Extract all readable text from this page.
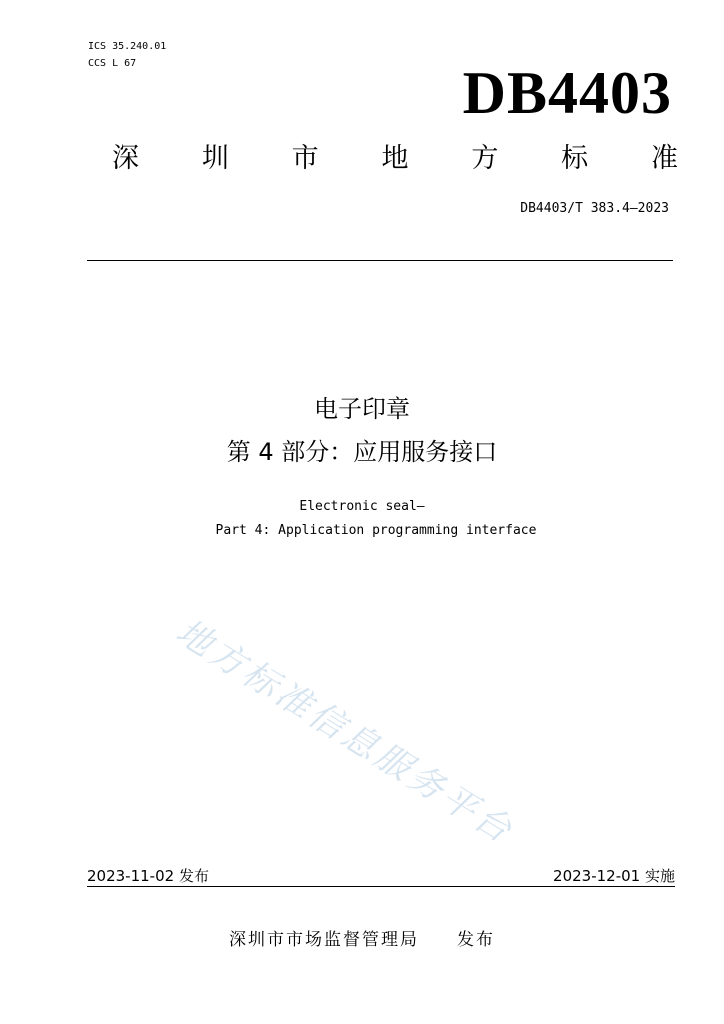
ICS 35.240.01
CCS L 67	DB4403
深 圳 市 地 方 标 准
DB4403/T 383.4—2023
电子印章
第 4 部分：应用服务接口
Electronic seal—
Part 4: Application programming interface
地方标准信息服务平台
2023-11-02 发布	2023-12-01 实施
深圳市市场监督管理局 发布
